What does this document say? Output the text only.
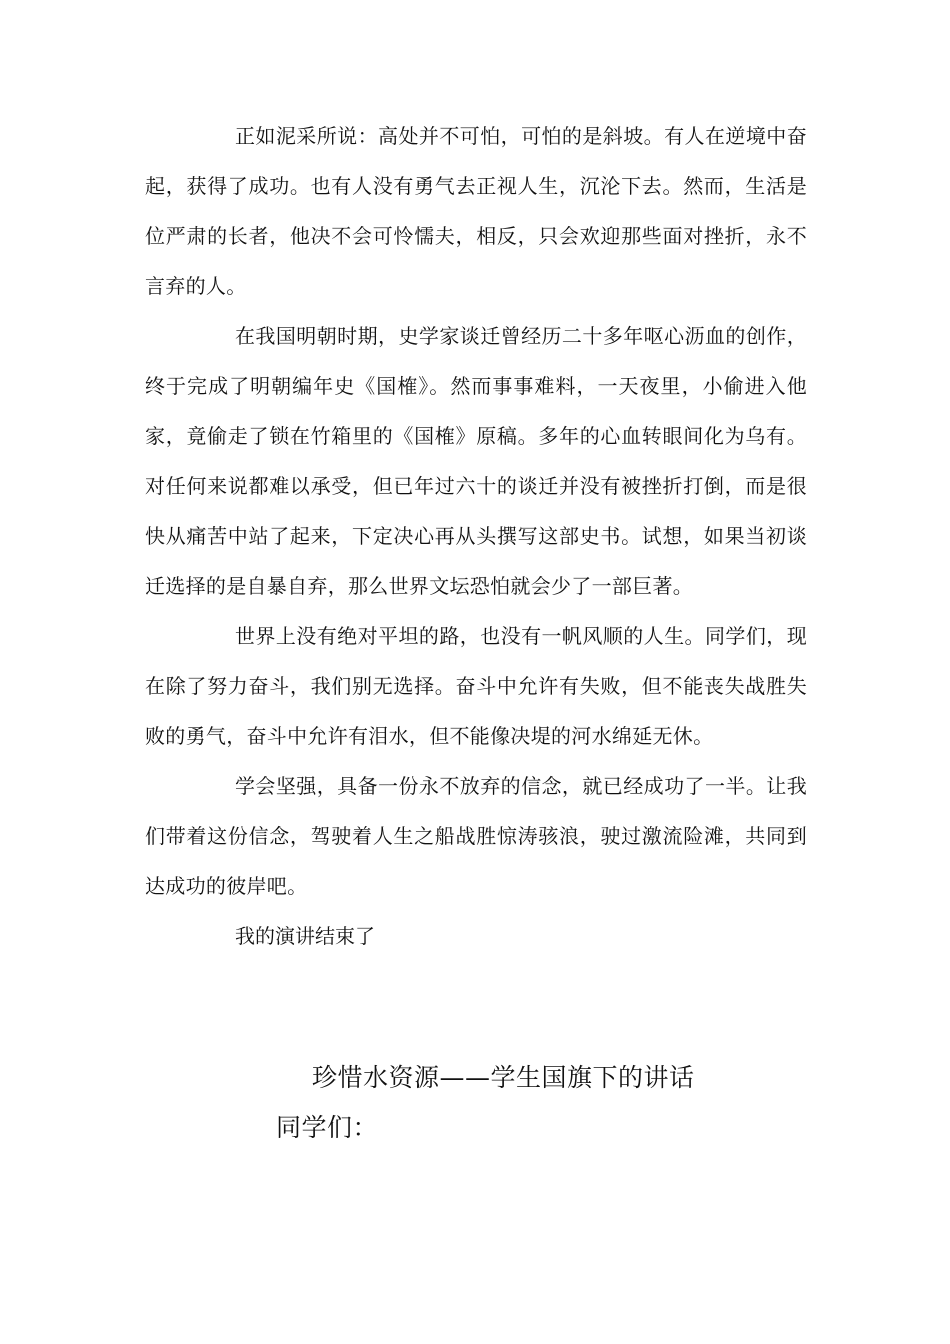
正如泥采所说：高处并不可怕，可怕的是斜坡。有人在逆境中奋起，获得了成功。也有人没有勇气去正视人生，沉沦下去。然而，生活是位严肃的长者，他决不会可怜懦夫，相反，只会欢迎那些面对挫折，永不言弃的人。

在我国明朝时期，史学家谈迁曾经历二十多年呕心沥血的创作，终于完成了明朝编年史《国榷》。然而事事难料，一天夜里，小偷进入他家，竟偷走了锁在竹箱里的《国榷》原稿。多年的心血转眼间化为乌有。对任何来说都难以承受，但已年过六十的谈迁并没有被挫折打倒，而是很快从痛苦中站了起来，下定决心再从头撰写这部史书。试想，如果当初谈迁选择的是自暴自弃，那么世界文坛恐怕就会少了一部巨著。

世界上没有绝对平坦的路，也没有一帆风顺的人生。同学们，现在除了努力奋斗，我们别无选择。奋斗中允许有失败，但不能丧失战胜失败的勇气，奋斗中允许有泪水，但不能像决堤的河水绵延无休。

学会坚强，具备一份永不放弃的信念，就已经成功了一半。让我们带着这份信念，驾驶着人生之船战胜惊涛骇浪，驶过激流险滩，共同到达成功的彼岸吧。

我的演讲结束了

珍惜水资源——学生国旗下的讲话

同学们：
